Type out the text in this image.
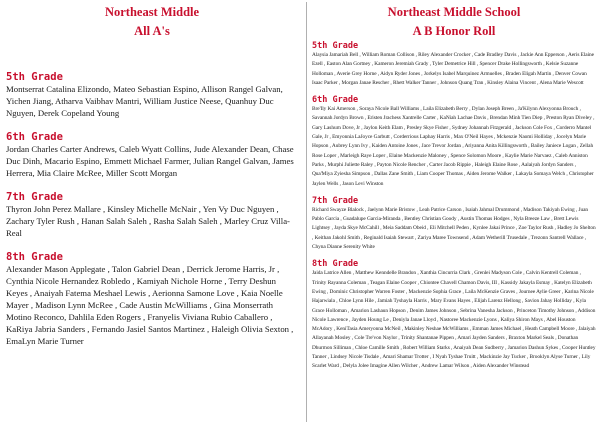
Northeast Middle

All A's

5th Grade

Montserrat Catalina Elizondo, Mateo Sebastian Espino, Allison Rangel Galvan, Yichen Jiang, Atharva Vaibhav Mantri, William Justice Neese, Quanhuy Duc Nguyen, Derek Copeland Young

6th Grade

Jordan Charles Carter Andrews, Caleb Wyatt Collins, Jude Alexander Dean, Chase Duc Dinh, Macario Espino, Emmett Michael Farmer, Julian Rangel Galvan, James Herrera, Mia Claire McRee, Miller Scott Morgan

7th Grade

Thyron John Perez Mallare , Kinsley Michelle McNair , Yen Vy Duc Nguyen , Zachary Tyler Rush , Hanan Salah Saleh , Rasha Salah Saleh , Marley Cruz Villa-Real

8th Grade

Alexander Mason Applegate , Talon Gabriel Dean , Derrick Jerome Harris, Jr , Cynthia Nicole Hernandez Robledo , Kamiyah Nichole Horne , Terry Deshun Keyes , Anaiyah Fatema Meshael Lewis , Aerionna Samone Love , Kaia Noelle Mayer , Madison Lynn McRee , Cade Austin McWilliams , Gina Monserrath Motino Reconco, Dahlila Eden Rogers , Franyelis Viviana Rubio Caballero , KaRiya Jabria Sanders , Fernando Jasiel Santos Martinez , Haleigh Olivia Sexton , EmaLyn Marie Turner

Northeast Middle School

A B Honor Roll

5th Grade

Alaysia Jamariah Bell , William Roman Collison , Riley Alexander Crocker , Cade Bradley Davis , Jackie Ann Epperson , Aeris Elaine Ezell , Easton Alan Gortney , Kameron Jeremiah Grady , Tyler Demetrice Hill , Spencer Drake Hollingsworth , Kelsie Suzanne Holloman , Averie Grey Horne , Aidyn Ryder Jones , Jorkelys Isabel Marquinez Armuelles , Braden Eligah Martin , Denver Cowan Isaac Parker , Morgan Janae Rescher , Rhett Walker Tanner , Johnson Quang Tran , Kinsley Alaina Vincent , Alena Marie Wescott

6th Grade

Bre'Ily Kai Amerson , Soraya Nicole Ball Williams , Laila Elizabeth Berry , Dylan Joseph Breen , Ja'Kilynn Alexyonna Brouch , Savannah Jordyn Brown , Eristen Jrachess Xantrelle Carter , KaNiah Lachae Davis , Brendan Minh Tien Diep , Preston Ryan Diveley , Gary Lashurn Dove, Jr , Jaylon Keith Elam , Presley Skye Fisher , Sydney Johannah Fitzgerald , Jackson Cole Fox , Corderro Mantel Gale, Jr , Emyonnia LaJoyce Garbutt , Corderrious Laphay Harris , Max O'Neil Hayes , Mckenzie Naomi Holliday , Jocelyn Marie Hopson , Aubrey Lynn Ivy , Kaiden Antoine Jones , Jace Trevor Jordan , Ariyanna Anita Killingsworth , Bailey Janiece Logan , Zellah Rose Loper , Marleigh Raye Loper , Elaine Mackenzie Maloney , Spence Solomon Moore , Kaylie Marie Narvaez , Caleb Anniston Parks , Murphi Juliette Raley , Payton Nicole Rencher , Carter Jacob Rippie , Haleigh Elaine Rose , Aalaiyah Jordyn Sanders , Qua'Miya Zyiesha Simpson , Dallas Zane Smith , Liam Cooper Thomas , Aiden Jerome Walker , Lakayla Somaya Welch , Christopher Jaylen Wells , Jason Levi Winston

7th Grade

Richard Swayze Blalock , Jaelynn Marie Bristow , Leah Patrice Carson , Isaiah Jahmal Drummond , Madison Takiyah Ewing , Juan Pablo Garcia , Guadalupe Garcia-Miranda , Bentley Christian Goody , Austin Thomas Hodges , Nyla Breeze Law , Brett Lewis Lightsey , Jayda Skye McCahill , Meia Saddam Obeid , Eli Mitchell Peden , Kynlee Jakai Prince , Zoe Taylor Rush , Hadley Jo Shelton , Keithan Jakohl Smith , Reginald Isaiah Stewart , Zariya Maree Townsend , Adam Wetherill Trusedale , Trezonn Santrell Wallace , Chyna Dianne Serenity White

8th Grade

Jaida Latrice Allen , Matthew Kenndelle Brandon , Xanthia Cincurria Clark , Grenlei Madyson Cole , Calvin Kentrell Coleman , Trinity Rayanna Coleman , Teagan Elaine Cooper , Chiontee Chavell Chamon Davis, III , Kassidy Jakayla Esmay , Katelyn Elizabeth Ewing , Dominic Christopher Warren Foster , Mackenzie Sophia Grace , Laila McKenzie Graves , Journee Aylie Greer , Karina Nicole Hajarwiala , Chloe Lynn Hile , Jamiah Tyshayla Harris , Mary Evans Hayes , Elijah Larenz Hellong , Savion Jahay Holliday , Kyla Grace Holloman , Amarion Lashaun Hopson , Denim James Johnson , Sebrina Vanesha Jackson , Princeton Timothy Johnson , Addison Nicole Lawrence , Jayden Houng Le , Deniyla Janae Lloyd , Nastoree Mackenzie Lyons , Kaliya Shiron Mays , Abel Houston McAdory , KeniTasia Ameryonna McNeil , Makinley Neshae McWilliams , Emman James Michael , Heath Campbell Moore , Jalaiyah Allayanah Mosley , Cole Tre'von Naylor , Trinity Shantanae Pippen , Amari Jayden Sanders , Braxton Markel Seals , Donathan Dhurmon Silliman , Chloe Camille Smith , Robert William Starks , Anaiyah Dean Sudberry , Jamarion Dashun Sykes , Cooper Huntley Tanner , Lindsey Nicole Tisdale , Amari Shamar Trotter , I Nyah Tyshae Truitt , Mackinzie Jay Tucker , Brooklyn Alyse Turner , Lily Scarlet Ward , Delyla Jolee Imagine Allen Wilcher , Andrew Lamar Wilson , Aiden Alexander Winstead
